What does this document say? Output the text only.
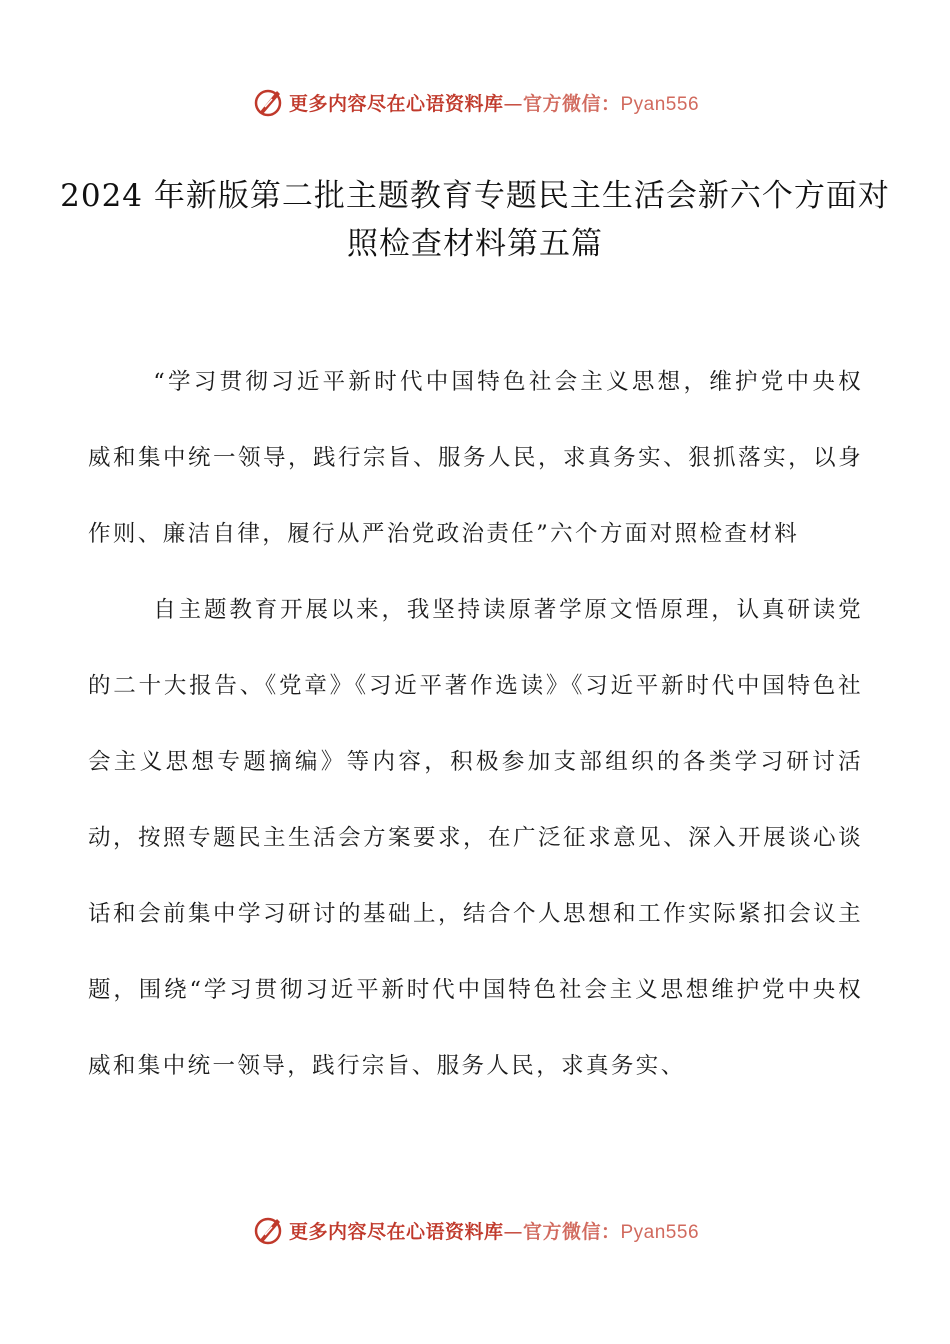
更多内容尽在心语资料库—官方微信：Pyan556
2024 年新版第二批主题教育专题民主生活会新六个方面对照检查材料第五篇

“学习贯彻习近平新时代中国特色社会主义思想，维护党中央权威和集中统一领导，践行宗旨、服务人民，求真务实、狠抓落实，以身作则、廉洁自律，履行从严治党政治责任”六个方面对照检查材料

自主题教育开展以来，我坚持读原著学原文悟原理，认真研读党的二十大报告、《党章》《习近平著作选读》《习近平新时代中国特色社会主义思想专题摘编》等内容，积极参加支部组织的各类学习研讨活动，按照专题民主生活会方案要求，在广泛征求意见、深入开展谈心谈话和会前集中学习研讨的基础上，结合个人思想和工作实际紧扣会议主题，围绕“学习贯彻习近平新时代中国特色社会主义思想维护党中央权威和集中统一领导，践行宗旨、服务人民，求真务实、

更多内容尽在心语资料库—官方微信：Pyan556
